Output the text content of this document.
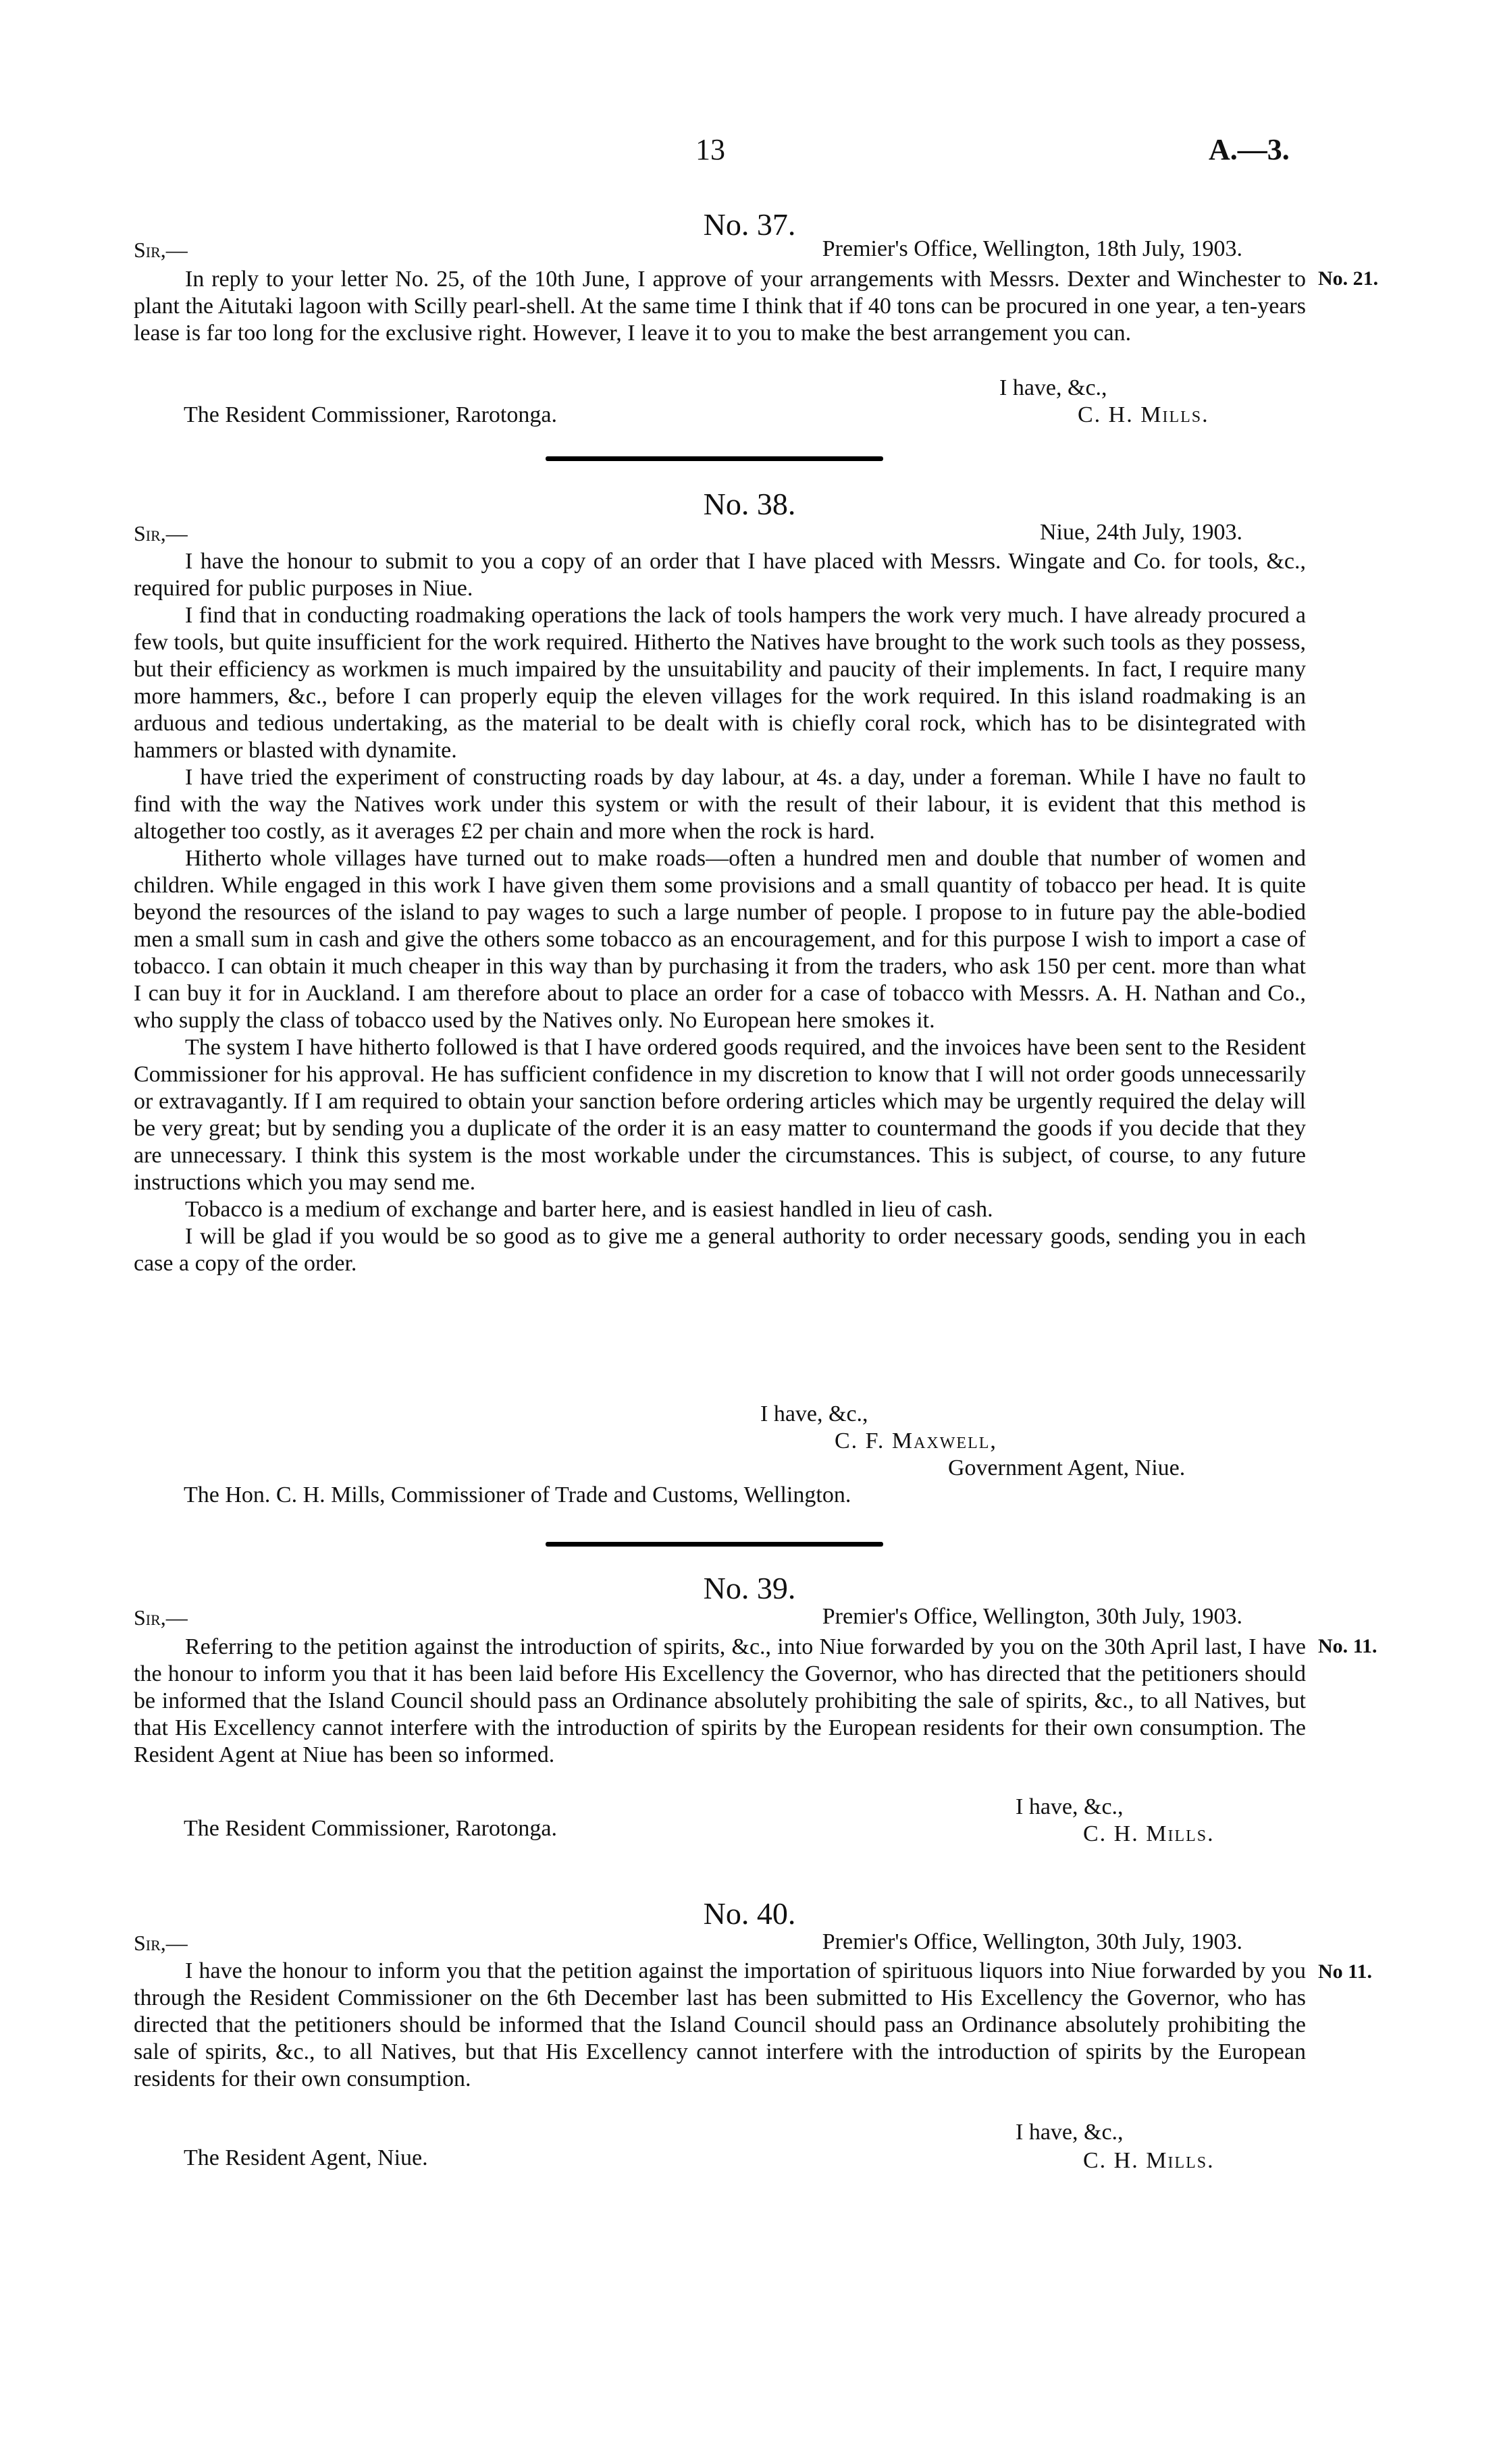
13	A.—3.
No. 37.
Sir,—	Premier's Office, Wellington, 18th July, 1903.
No. 21.

In reply to your letter No. 25, of the 10th June, I approve of your arrangements with Messrs. Dexter and Winchester to plant the Aitutaki lagoon with Scilly pearl-shell. At the same time I think that if 40 tons can be procured in one year, a ten-years lease is far too long for the exclusive right. However, I leave it to you to make the best arrangement you can.

I have, &c.,
C. H. Mills.
The Resident Commissioner, Rarotonga.
No. 38.
Sir,—	Niue, 24th July, 1903.

I have the honour to submit to you a copy of an order that I have placed with Messrs. Wingate and Co. for tools, &c., required for public purposes in Niue.

I find that in conducting roadmaking operations the lack of tools hampers the work very much. I have already procured a few tools, but quite insufficient for the work required. Hitherto the Natives have brought to the work such tools as they possess, but their efficiency as workmen is much impaired by the unsuitability and paucity of their implements. In fact, I require many more hammers, &c., before I can properly equip the eleven villages for the work required. In this island roadmaking is an arduous and tedious undertaking, as the material to be dealt with is chiefly coral rock, which has to be disintegrated with hammers or blasted with dynamite.

I have tried the experiment of constructing roads by day labour, at 4s. a day, under a foreman. While I have no fault to find with the way the Natives work under this system or with the result of their labour, it is evident that this method is altogether too costly, as it averages £2 per chain and more when the rock is hard.

Hitherto whole villages have turned out to make roads—often a hundred men and double that number of women and children. While engaged in this work I have given them some provisions and a small quantity of tobacco per head. It is quite beyond the resources of the island to pay wages to such a large number of people. I propose to in future pay the able-bodied men a small sum in cash and give the others some tobacco as an encouragement, and for this purpose I wish to import a case of tobacco. I can obtain it much cheaper in this way than by purchasing it from the traders, who ask 150 per cent. more than what I can buy it for in Auckland. I am therefore about to place an order for a case of tobacco with Messrs. A. H. Nathan and Co., who supply the class of tobacco used by the Natives only. No European here smokes it.

The system I have hitherto followed is that I have ordered goods required, and the invoices have been sent to the Resident Commissioner for his approval. He has sufficient confidence in my discretion to know that I will not order goods unnecessarily or extravagantly. If I am required to obtain your sanction before ordering articles which may be urgently required the delay will be very great; but by sending you a duplicate of the order it is an easy matter to countermand the goods if you decide that they are unnecessary. I think this system is the most workable under the circumstances. This is subject, of course, to any future instructions which you may send me.

Tobacco is a medium of exchange and barter here, and is easiest handled in lieu of cash.

I will be glad if you would be so good as to give me a general authority to order necessary goods, sending you in each case a copy of the order.

I have, &c.,
C. F. Maxwell,
Government Agent, Niue.
The Hon. C. H. Mills, Commissioner of Trade and Customs, Wellington.
No. 39.
Sir,—	Premier's Office, Wellington, 30th July, 1903.
No. 11.

Referring to the petition against the introduction of spirits, &c., into Niue forwarded by you on the 30th April last, I have the honour to inform you that it has been laid before His Excellency the Governor, who has directed that the petitioners should be informed that the Island Council should pass an Ordinance absolutely prohibiting the sale of spirits, &c., to all Natives, but that His Excellency cannot interfere with the introduction of spirits by the European residents for their own consumption. The Resident Agent at Niue has been so informed.

I have, &c.,
C. H. Mills.
The Resident Commissioner, Rarotonga.
No. 40.
Sir,—	Premier's Office, Wellington, 30th July, 1903.
No 11.

I have the honour to inform you that the petition against the importation of spirituous liquors into Niue forwarded by you through the Resident Commissioner on the 6th December last has been submitted to His Excellency the Governor, who has directed that the petitioners should be informed that the Island Council should pass an Ordinance absolutely prohibiting the sale of spirits, &c., to all Natives, but that His Excellency cannot interfere with the introduction of spirits by the European residents for their own consumption.

I have, &c.,
C. H. Mills.
The Resident Agent, Niue.
